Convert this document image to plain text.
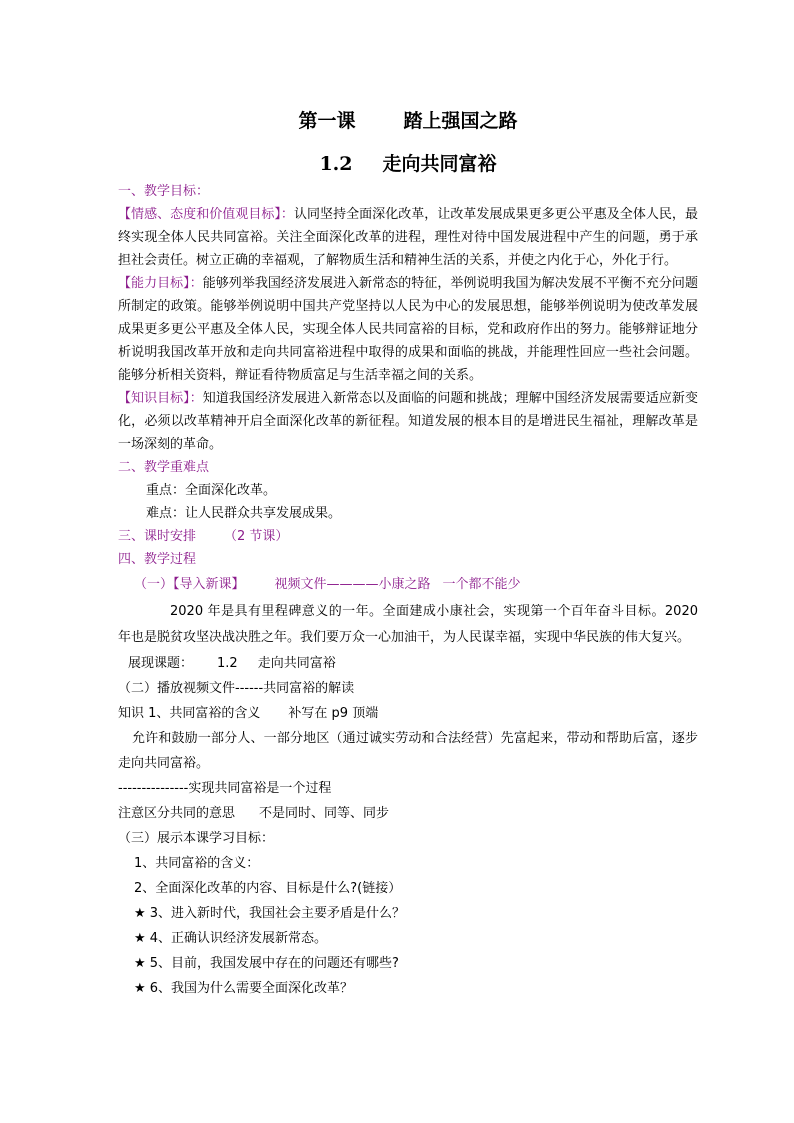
第一课	踏上强国之路
1.2 走向共同富裕
一、教学目标：
【情感、态度和价值观目标】：认同坚持全面深化改革，让改革发展成果更多更公平惠及全体人民，最终实现全体人民共同富裕。关注全面深化改革的进程，理性对待中国发展进程中产生的问题，勇于承担社会责任。树立正确的幸福观，了解物质生活和精神生活的关系，并使之内化于心，外化于行。
【能力目标】：能够列举我国经济发展进入新常态的特征，举例说明我国为解决发展不平衡不充分问题所制定的政策。能够举例说明中国共产党坚持以人民为中心的发展思想，能够举例说明为使改革发展成果更多更公平惠及全体人民，实现全体人民共同富裕的目标，党和政府作出的努力。能够辩证地分析说明我国改革开放和走向共同富裕进程中取得的成果和面临的挑战，并能理性回应一些社会问题。能够分析相关资料，辩证看待物质富足与生活幸福之间的关系。
【知识目标】：知道我国经济发展进入新常态以及面临的问题和挑战；理解中国经济发展需要适应新变化，必须以改革精神开启全面深化改革的新征程。知道发展的根本目的是增进民生福祉，理解改革是一场深刻的革命。
二、教学重难点
重点：全面深化改革。
难点：让人民群众共享发展成果。
三、课时安排 （2 节课）
四、教学过程
（一）【导入新课】 视频文件————小康之路 一个都不能少
2020 年是具有里程碑意义的一年。全面建成小康社会，实现第一个百年奋斗目标。2020 年也是脱贫攻坚决战决胜之年。我们要万众一心加油干，为人民谋幸福，实现中华民族的伟大复兴。
展现课题： 1.2 走向共同富裕
（二）播放视频文件------共同富裕的解读
知识 1、共同富裕的含义 补写在 p9 顶端
允许和鼓励一部分人、一部分地区（通过诚实劳动和合法经营）先富起来，带动和帮助后富，逐步走向共同富裕。
---------------实现共同富裕是一个过程
注意区分共同的意思 不是同时、同等、同步
（三）展示本课学习目标：
1、共同富裕的含义：
2、全面深化改革的内容、目标是什么?(链接）
★ 3、进入新时代，我国社会主要矛盾是什么？
★ 4、正确认识经济发展新常态。
★ 5、目前，我国发展中存在的问题还有哪些?
★ 6、我国为什么需要全面深化改革？
